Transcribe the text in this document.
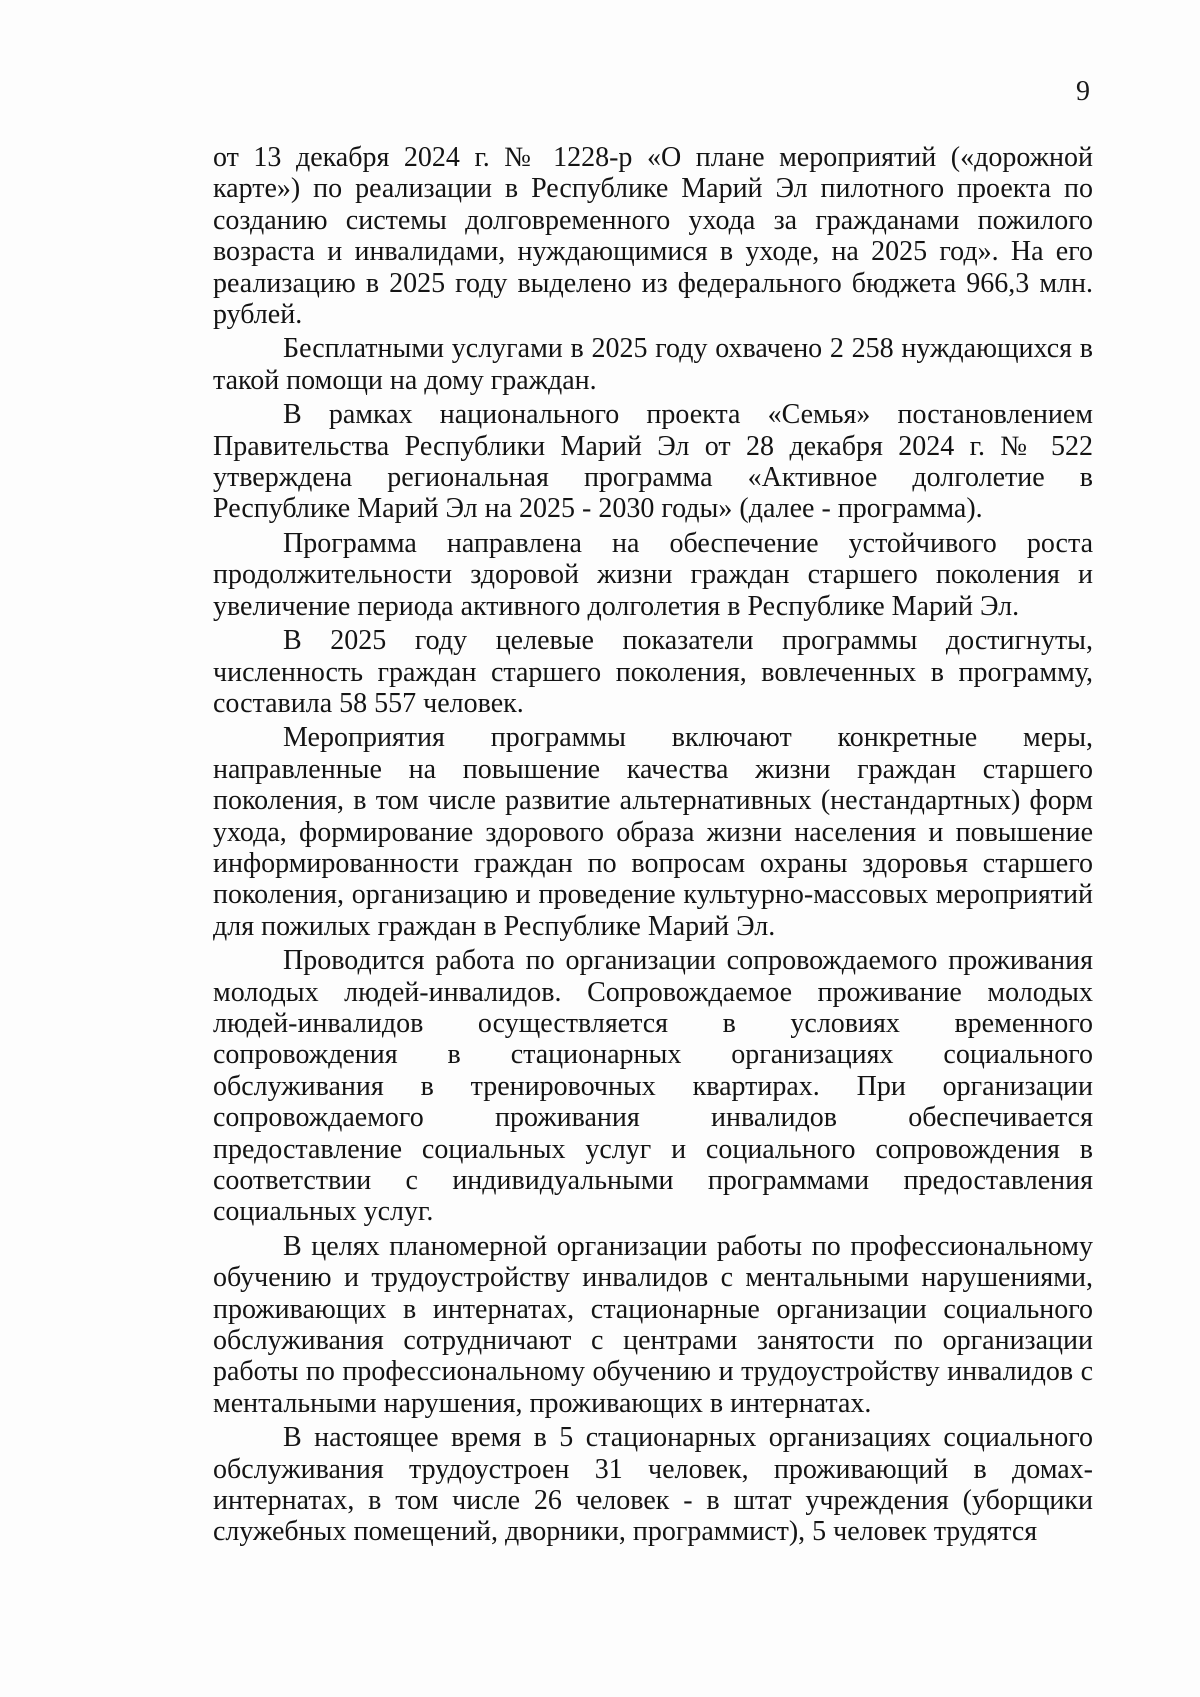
9

от 13 декабря 2024 г. № 1228-р «О плане мероприятий («дорожной карте») по реализации в Республике Марий Эл пилотного проекта по созданию системы долговременного ухода за гражданами пожилого возраста и инвалидами, нуждающимися в уходе, на 2025 год». На его реализацию в 2025 году выделено из федерального бюджета 966,3 млн. рублей.

Бесплатными услугами в 2025 году охвачено 2 258 нуждающихся в такой помощи на дому граждан.

В рамках национального проекта «Семья» постановлением Правительства Республики Марий Эл от 28 декабря 2024 г. № 522 утверждена региональная программа «Активное долголетие в Республике Марий Эл на 2025 - 2030 годы» (далее - программа).

Программа направлена на обеспечение устойчивого роста продолжительности здоровой жизни граждан старшего поколения и увеличение периода активного долголетия в Республике Марий Эл.

В 2025 году целевые показатели программы достигнуты, численность граждан старшего поколения, вовлеченных в программу, составила 58 557 человек.

Мероприятия программы включают конкретные меры, направленные на повышение качества жизни граждан старшего поколения, в том числе развитие альтернативных (нестандартных) форм ухода, формирование здорового образа жизни населения и повышение информированности граждан по вопросам охраны здоровья старшего поколения, организацию и проведение культурно-массовых мероприятий для пожилых граждан в Республике Марий Эл.

Проводится работа по организации сопровождаемого проживания молодых людей-инвалидов. Сопровождаемое проживание молодых людей-инвалидов осуществляется в условиях временного сопровождения в стационарных организациях социального обслуживания в тренировочных квартирах. При организации сопровождаемого проживания инвалидов обеспечивается предоставление социальных услуг и социального сопровождения в соответствии с индивидуальными программами предоставления социальных услуг.

В целях планомерной организации работы по профессиональному обучению и трудоустройству инвалидов с ментальными нарушениями, проживающих в интернатах, стационарные организации социального обслуживания сотрудничают с центрами занятости по организации работы по профессиональному обучению и трудоустройству инвалидов с ментальными нарушения, проживающих в интернатах.

В настоящее время в 5 стационарных организациях социального обслуживания трудоустроен 31 человек, проживающий в домах-интернатах, в том числе 26 человек - в штат учреждения (уборщики служебных помещений, дворники, программист), 5 человек трудятся
